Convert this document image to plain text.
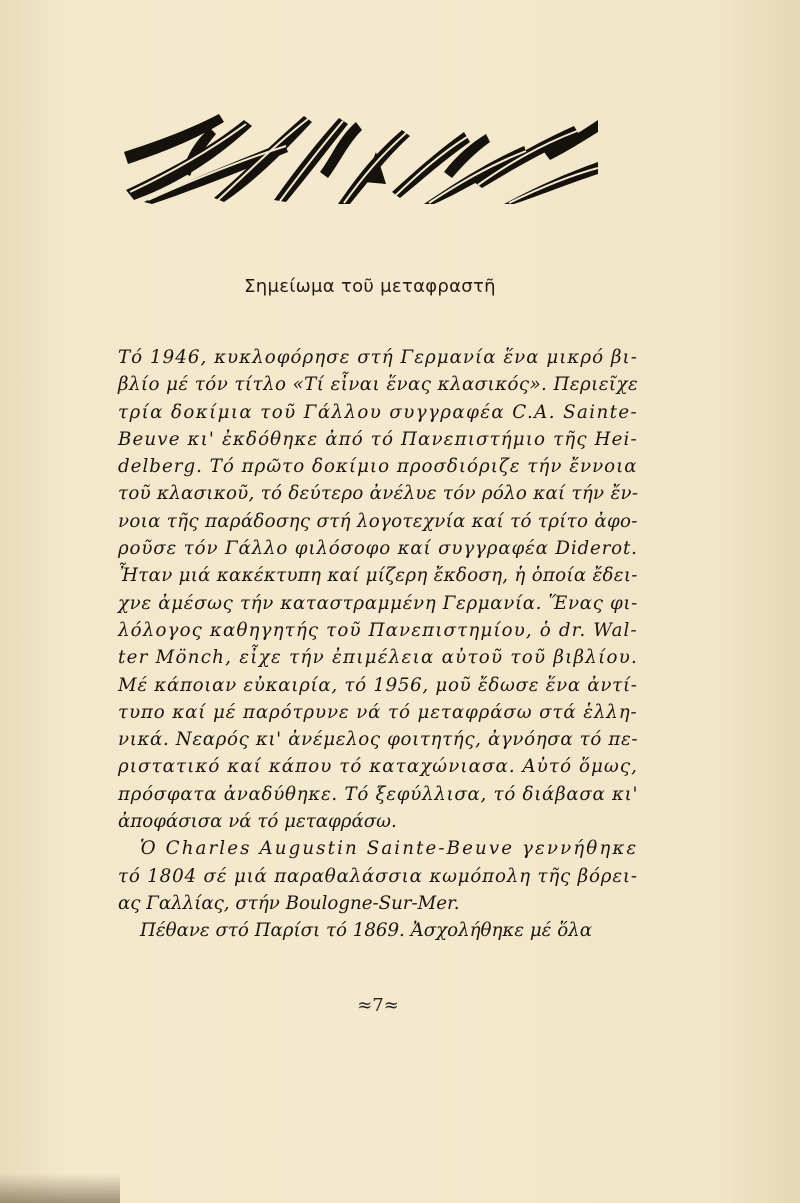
Σημείωμα τοῦ μεταφραστῆ
Τό 1946, κυκλοφόρησε στή Γερμανία ἕνα μικρό βι-
βλίο μέ τόν τίτλο «Τί εἶναι ἕνας κλασικός». Περιεῖχε
τρία δοκίμια τοῦ Γάλλου συγγραφέα C.A. Sainte-
Beuve κι' ἐκδόθηκε ἀπό τό Πανεπιστήμιο τῆς Hei-
delberg. Τό πρῶτο δοκίμιο προσδιόριζε τήν ἔννοια
τοῦ κλασικοῦ, τό δεύτερο ἀνέλυε τόν ρόλο καί τήν ἔν-
νοια τῆς παράδοσης στή λογοτεχνία καί τό τρίτο ἀφο-
ροῦσε τόν Γάλλο φιλόσοφο καί συγγραφέα Diderot.
Ἦταν μιά κακέκτυπη καί μίζερη ἔκδοση, ἡ ὁποία ἔδει-
χνε ἀμέσως τήν καταστραμμένη Γερμανία. Ἕνας φι-
λόλογος καθηγητής τοῦ Πανεπιστημίου, ὁ dr. Wal-
ter Mönch, εἶχε τήν ἐπιμέλεια αὐτοῦ τοῦ βιβλίου.
Μέ κάποιαν εὐκαιρία, τό 1956, μοῦ ἔδωσε ἕνα ἀντί-
τυπο καί μέ παρότρυνε νά τό μεταφράσω στά ἑλλη-
νικά. Νεαρός κι' ἀνέμελος φοιτητής, ἀγνόησα τό πε-
ριστατικό καί κάπου τό καταχώνιασα. Αὐτό ὅμως,
πρόσφατα ἀναδύθηκε. Τό ξεφύλλισα, τό διάβασα κι'
ἀποφάσισα νά τό μεταφράσω.
Ὁ Charles Augustin Sainte-Beuve γεννήθηκε
τό 1804 σέ μιά παραθαλάσσια κωμόπολη τῆς βόρει-
ας Γαλλίας, στήν Boulogne-Sur-Mer.
Πέθανε στό Παρίσι τό 1869. Ἀσχολήθηκε μέ ὅλα
≈7≈
